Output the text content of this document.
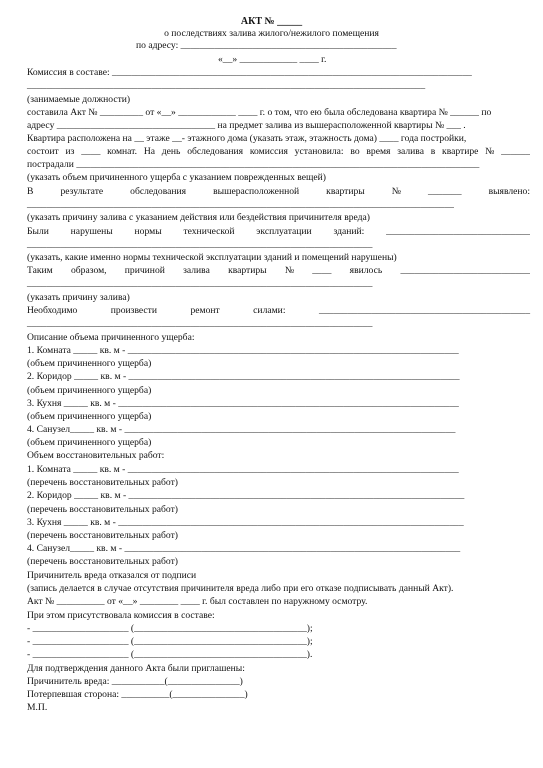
АКТ № _____
о последствиях залива жилого/нежилого помещения
по адресу: _____________________________________________
«__» ____________ ____ г.
Комиссия в составе: ___________________________________________________________________________
___________________________________________________________________________________
(занимаемые должности)
составила Акт № _________ от «__» ____________ ____ г. о том, что ею была обследована квартира № ______ по
адресу _________________________________ на предмет залива из вышерасположенной квартиры № ___ .
Квартира расположена на __ этаже __- этажного дома (указать этаж, этажность дома) ____ года постройки,
состоит из ____ комнат. На день обследования комиссия установила: во время залива в квартире № ______
пострадали ____________________________________________________________________________________
(указать объем причиненного ущерба с указанием поврежденных вещей)
В	результате	обследования	вышерасположенной	квартиры	№	_______	выявлено:
_________________________________________________________________________________________
(указать причину залива с указанием действия или бездействия причинителя вреда)
Были нарушены нормы технической эксплуатации зданий: ______________________________
________________________________________________________________________
(указать, какие именно нормы технической эксплуатации зданий и помещений нарушены)
Таким образом, причиной залива квартиры № ____ явилось ___________________________
________________________________________________________________________
(указать причину залива)
Необходимо	произвести	ремонт	силами:	____________________________________________
________________________________________________________________________
Описание объема причиненного ущерба:
1. Комната _____ кв. м - _____________________________________________________________________
(объем причиненного ущерба)
2. Коридор _____ кв. м - _____________________________________________________________________
(объем причиненного ущерба)
3. Кухня _____ кв. м - _______________________________________________________________________
(объем причиненного ущерба)
4. Санузел_____ кв. м - _____________________________________________________________________
(объем причиненного ущерба)
Объем восстановительных работ:
1. Комната _____ кв. м - _____________________________________________________________________
(перечень восстановительных работ)
2. Коридор _____ кв. м - ______________________________________________________________________
(перечень восстановительных работ)
3. Кухня _____ кв. м - ________________________________________________________________________
(перечень восстановительных работ)
4. Санузел_____ кв. м - ______________________________________________________________________
(перечень восстановительных работ)
Причинитель вреда отказался от подписи
(запись делается в случае отсутствия причинителя вреда либо при его отказе подписывать данный Акт).
Акт № __________ от «__» ________ ____ г. был составлен по наружному осмотру.
При этом присутствовала комиссия в составе:
- ____________________ (____________________________________);
- ____________________ (____________________________________);
- ____________________ (____________________________________).
Для подтверждения данного Акта были приглашены:
Причинитель вреда: ___________(_______________)
Потерпевшая сторона: __________(_______________)
М.П.
